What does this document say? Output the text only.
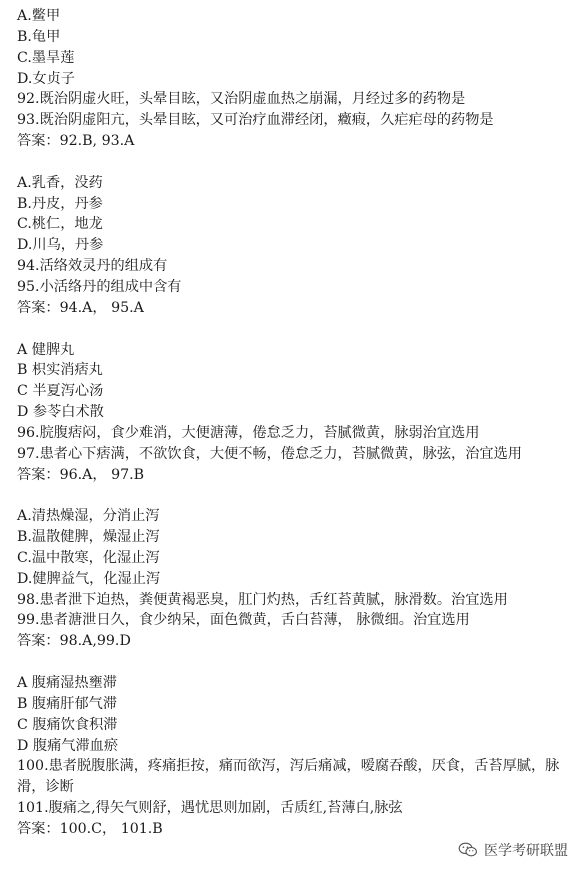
A.鳖甲
B.龟甲
C.墨旱莲
D.女贞子
92.既治阴虚火旺，头晕目眩，又治阴虚血热之崩漏，月经过多的药物是
93.既治阴虚阳亢，头晕目眩，又可治疗血滞经闭，癥瘕，久疟疟母的药物是
答案：92.B, 93.A
A.乳香，没药
B.丹皮，丹参
C.桃仁，地龙
D.川乌，丹参
94.活络效灵丹的组成有
95.小活络丹的组成中含有
答案：94.A， 95.A
A 健脾丸
B 枳实消痞丸
C 半夏泻心汤
D 参苓白术散
96.脘腹痞闷，食少难消，大便溏薄，倦怠乏力，苔腻微黄，脉弱治宜选用
97.患者心下痞满，不欲饮食，大便不畅，倦怠乏力，苔腻微黄，脉弦，治宜选用
答案：96.A， 97.B
A.清热燥湿，分消止泻
B.温散健脾，燥湿止泻
C.温中散寒，化湿止泻
D.健脾益气，化湿止泻
98.患者泄下迫热，粪便黄褐恶臭，肛门灼热，舌红苔黄腻，脉滑数。治宜选用
99.患者溏泄日久，食少纳呆，面色微黄，舌白苔薄， 脉微细。治宜选用
答案：98.A,99.D
A 腹痛湿热壅滞
B 腹痛肝郁气滞
C 腹痛饮食积滞
D 腹痛气滞血瘀
100.患者脱腹胀满，疼痛拒按，痛而欲泻，泻后痛减，嗳腐吞酸，厌食，舌苔厚腻，脉滑，诊断
101.腹痛之,得矢气则舒，遇忧思则加剧，舌质红,苔薄白,脉弦
答案：100.C， 101.B
医学考研联盟
